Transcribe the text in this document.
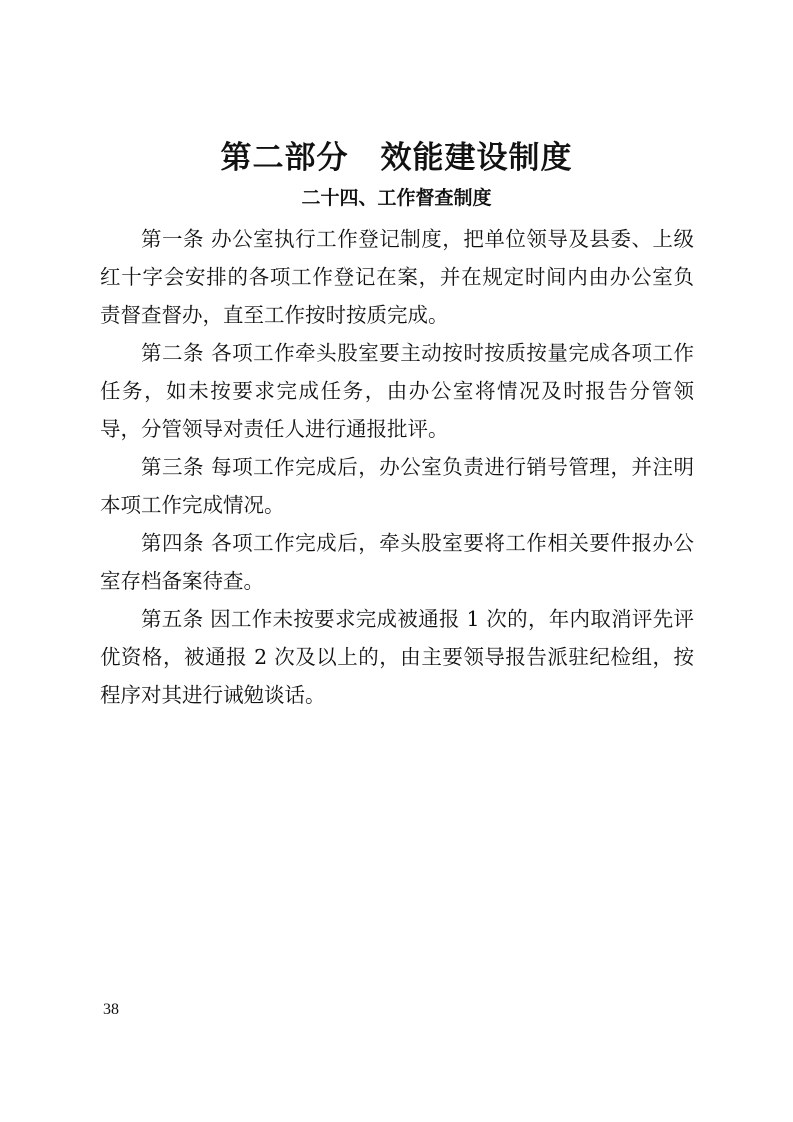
第二部分　效能建设制度
二十四、工作督查制度

第一条 办公室执行工作登记制度，把单位领导及县委、上级红十字会安排的各项工作登记在案，并在规定时间内由办公室负责督查督办，直至工作按时按质完成。

第二条 各项工作牵头股室要主动按时按质按量完成各项工作任务，如未按要求完成任务，由办公室将情况及时报告分管领导，分管领导对责任人进行通报批评。

第三条 每项工作完成后，办公室负责进行销号管理，并注明本项工作完成情况。

第四条 各项工作完成后，牵头股室要将工作相关要件报办公室存档备案待查。

第五条 因工作未按要求完成被通报 1 次的，年内取消评先评优资格，被通报 2 次及以上的，由主要领导报告派驻纪检组，按程序对其进行诫勉谈话。

38
